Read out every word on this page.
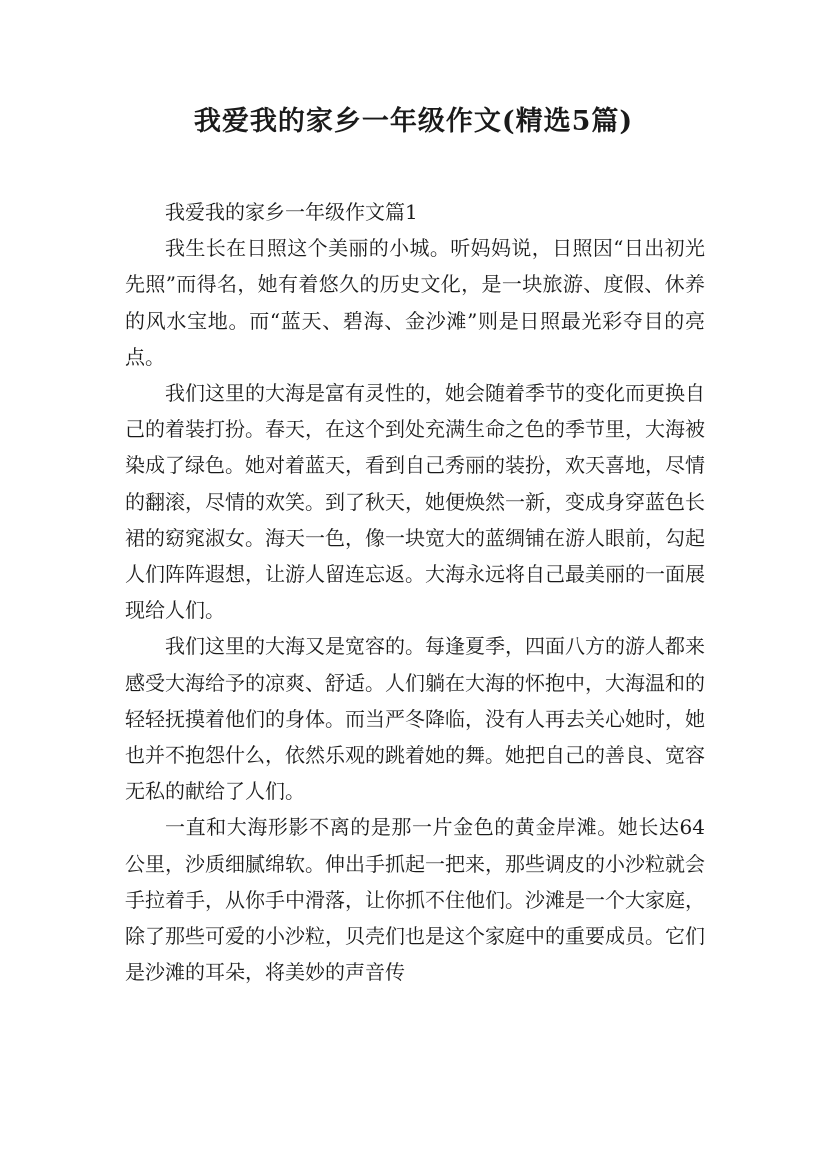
我爱我的家乡一年级作文(精选5篇)

我爱我的家乡一年级作文篇1

我生长在日照这个美丽的小城。听妈妈说，日照因“日出初光先照”而得名，她有着悠久的历史文化，是一块旅游、度假、休养的风水宝地。而“蓝天、碧海、金沙滩”则是日照最光彩夺目的亮点。

我们这里的大海是富有灵性的，她会随着季节的变化而更换自己的着装打扮。春天，在这个到处充满生命之色的季节里，大海被染成了绿色。她对着蓝天，看到自己秀丽的装扮，欢天喜地，尽情的翻滚，尽情的欢笑。到了秋天，她便焕然一新，变成身穿蓝色长裙的窈窕淑女。海天一色，像一块宽大的蓝绸铺在游人眼前，勾起人们阵阵遐想，让游人留连忘返。大海永远将自己最美丽的一面展现给人们。

我们这里的大海又是宽容的。每逢夏季，四面八方的游人都来感受大海给予的凉爽、舒适。人们躺在大海的怀抱中，大海温和的轻轻抚摸着他们的身体。而当严冬降临，没有人再去关心她时，她也并不抱怨什么，依然乐观的跳着她的舞。她把自己的善良、宽容无私的献给了人们。

一直和大海形影不离的是那一片金色的黄金岸滩。她长达64公里，沙质细腻绵软。伸出手抓起一把来，那些调皮的小沙粒就会手拉着手，从你手中滑落，让你抓不住他们。沙滩是一个大家庭，除了那些可爱的小沙粒，贝壳们也是这个家庭中的重要成员。它们是沙滩的耳朵，将美妙的声音传
